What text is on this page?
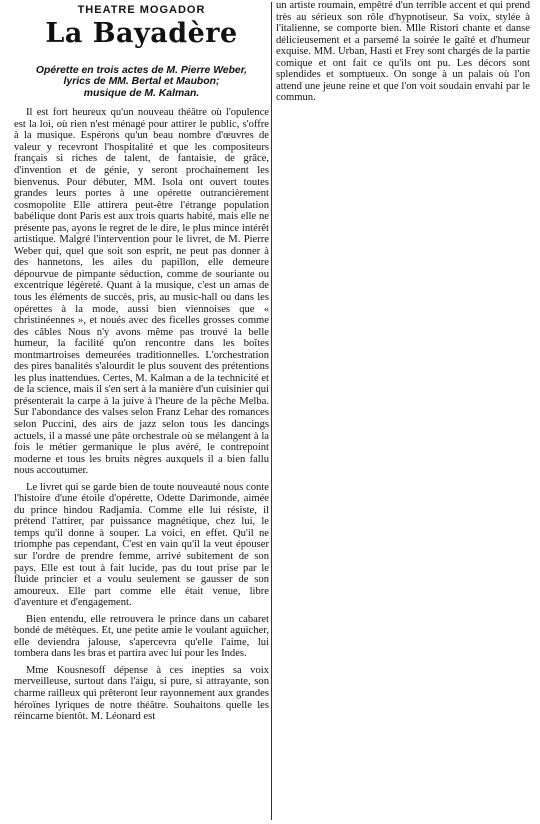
THEATRE MOGADOR
La Bayadère
Opérette en trois actes de M. Pierre Weber,
lyrics de MM. Bertal et Maubon;
musique de M. Kalman.

Il est fort heureux qu'un nouveau théâtre où l'opulence est la loi, où rien n'est ménagé pour attirer le public, s'offre à la musique. Espérons qu'un beau nombre d'œuvres de valeur y recevront l'hospitalité et que les compositeurs français si riches de talent, de fantaisie, de grâce, d'invention et de génie, y seront prochainement les bienvenus. Pour débuter, MM. Isola ont ouvert toutes grandes leurs portes à une opérette outrancièrement cosmopolite Elle attirera peut-être l'étrange population babélique dont Paris est aux trois quarts habité, mais elle ne présente pas, ayons le regret de le dire, le plus mince intérêt artistique. Malgré l'intervention pour le livret, de M. Pierre Weber qui, quel que soit son esprit, ne peut pas donner à des hannetons, les ailes du papillon, elle demeure dépourvue de pimpante séduction, comme de souriante ou excentrique légèreté. Quant à la musique, c'est un amas de tous les éléments de succès, pris, au music-hall ou dans les opérettes à la mode, aussi bien viennoises que « christinéennes », et noués avec des ficelles grosses comme des câbles Nous n'y avons même pas trouvé la belle humeur, la facilité qu'on rencontre dans les boîtes montmartroises demeurées traditionnelles. L'orchestration des pires banalités s'alourdit le plus souvent des prétentions les plus inattendues. Certes, M. Kalman a de la technicité et de la science, mais il s'en sert à la manière d'un cuisinier qui présenterait la carpe à la juive à l'heure de la pêche Melba. Sur l'abondance des valses selon Franz Lehar des romances selon Puccini, des airs de jazz selon tous les dancings actuels, il a massé une pâte orchestrale où se mélangent à la fois le métier germanique le plus avéré, le contrepoint moderne et tous les bruits nègres auxquels il a bien fallu nous accoutumer.

Le livret qui se garde bien de toute nouveauté nous conte l'histoire d'une étoile d'opérette, Odette Darimonde, aimée du prince hindou Radjamia. Comme elle lui résiste, il prétend l'attirer, par puissance magnétique, chez lui, le temps qu'il donne à souper. La voici, en effet. Qu'il ne triomphe pas cependant, C'est en vain qu'il la veut épouser sur l'ordre de prendre femme, arrivé subitement de son pays. Elle est tout à fait lucide, pas du tout prise par le fluide princier et a voulu seulement se gausser de son amoureux. Elle part comme elle était venue, libre d'aventure et d'engagement.

Bien entendu, elle retrouvera le prince dans un cabaret bondé de métèques. Et, une petite amie le voulant aguicher, elle deviendra jalouse, s'apercevra qu'elle l'aime, lui tombera dans les bras et partira avec lui pour les Indes.

Mme Kousnesoff dépense à ces inepties sa voix merveilleuse, surtout dans l'aigu, si pure, si attrayante, son charme railleux qui prêteront leur rayonnement aux grandes héroïnes lyriques de notre théâtre. Souhaitons quelle les réincarne bientôt. M. Léonard est

un artiste roumain, empêtré d'un terrible accent et qui prend très au sérieux son rôle d'hypnotiseur. Sa voix, stylée à l'italienne, se comporte bien. Mlle Ristori chante et danse délicieusement et a parsemé la soirée le gaîté et d'humeur exquise. MM. Urban, Hasti et Frey sont chargés de la partie comique et ont fait ce qu'ils ont pu. Les décors sont splendides et somptueux. On songe à un palais où l'on attend une jeune reine et que l'on voit soudain envahi par le commun.
